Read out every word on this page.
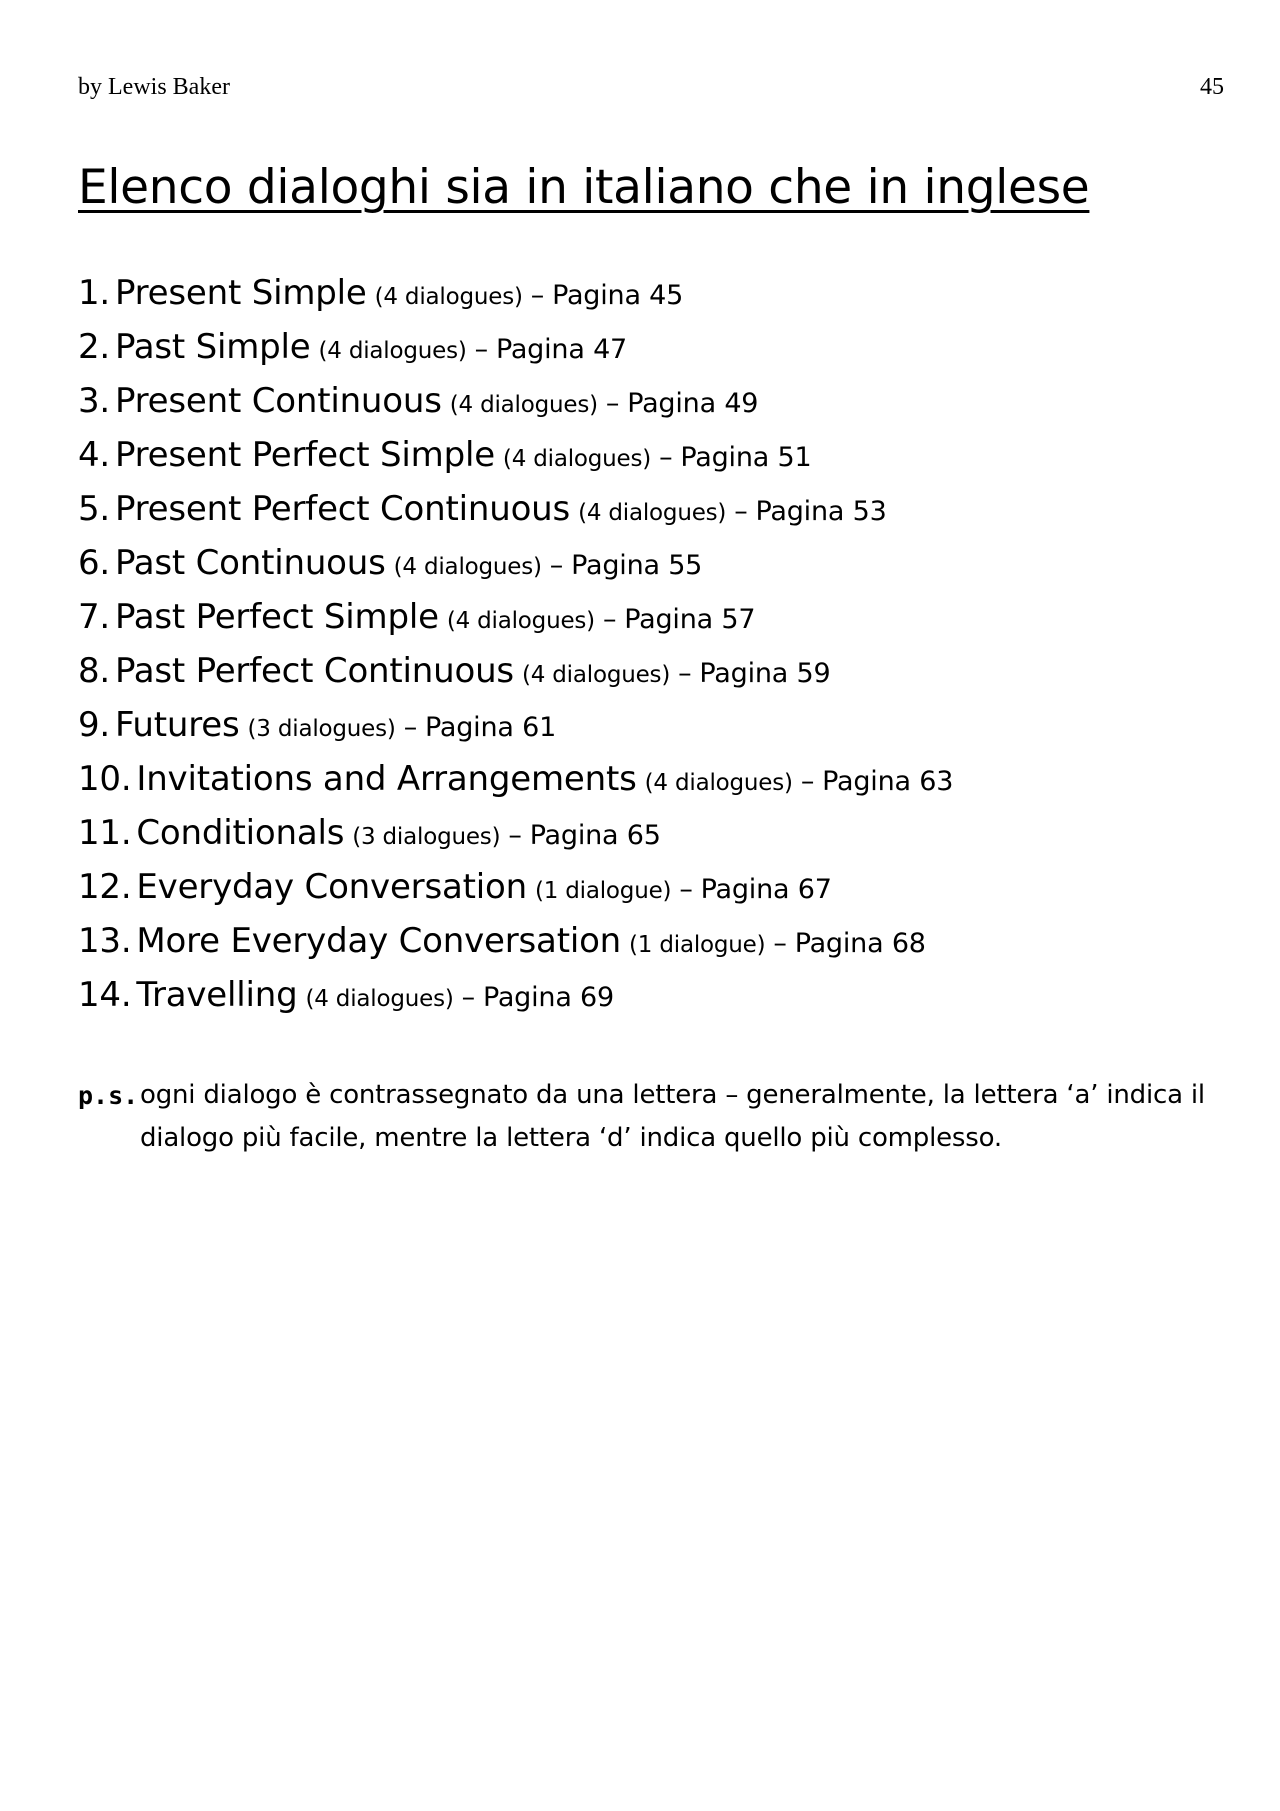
by Lewis Baker	45
Elenco dialoghi sia in italiano che in inglese
1. Present Simple (4 dialogues) – Pagina 45
2. Past Simple (4 dialogues) – Pagina 47
3. Present Continuous (4 dialogues) – Pagina 49
4. Present Perfect Simple (4 dialogues) – Pagina 51
5. Present Perfect Continuous (4 dialogues) – Pagina 53
6. Past Continuous (4 dialogues) – Pagina 55
7. Past Perfect Simple (4 dialogues) – Pagina 57
8. Past Perfect Continuous (4 dialogues) – Pagina 59
9. Futures (3 dialogues) – Pagina 61
10. Invitations and Arrangements (4 dialogues) – Pagina 63
11. Conditionals (3 dialogues) – Pagina 65
12. Everyday Conversation (1 dialogue) – Pagina 67
13. More Everyday Conversation (1 dialogue) – Pagina 68
14. Travelling (4 dialogues) – Pagina 69
p.s. ogni dialogo è contrassegnato da una lettera – generalmente, la lettera ‘a’ indica il dialogo più facile, mentre la lettera ‘d’ indica quello più complesso.
